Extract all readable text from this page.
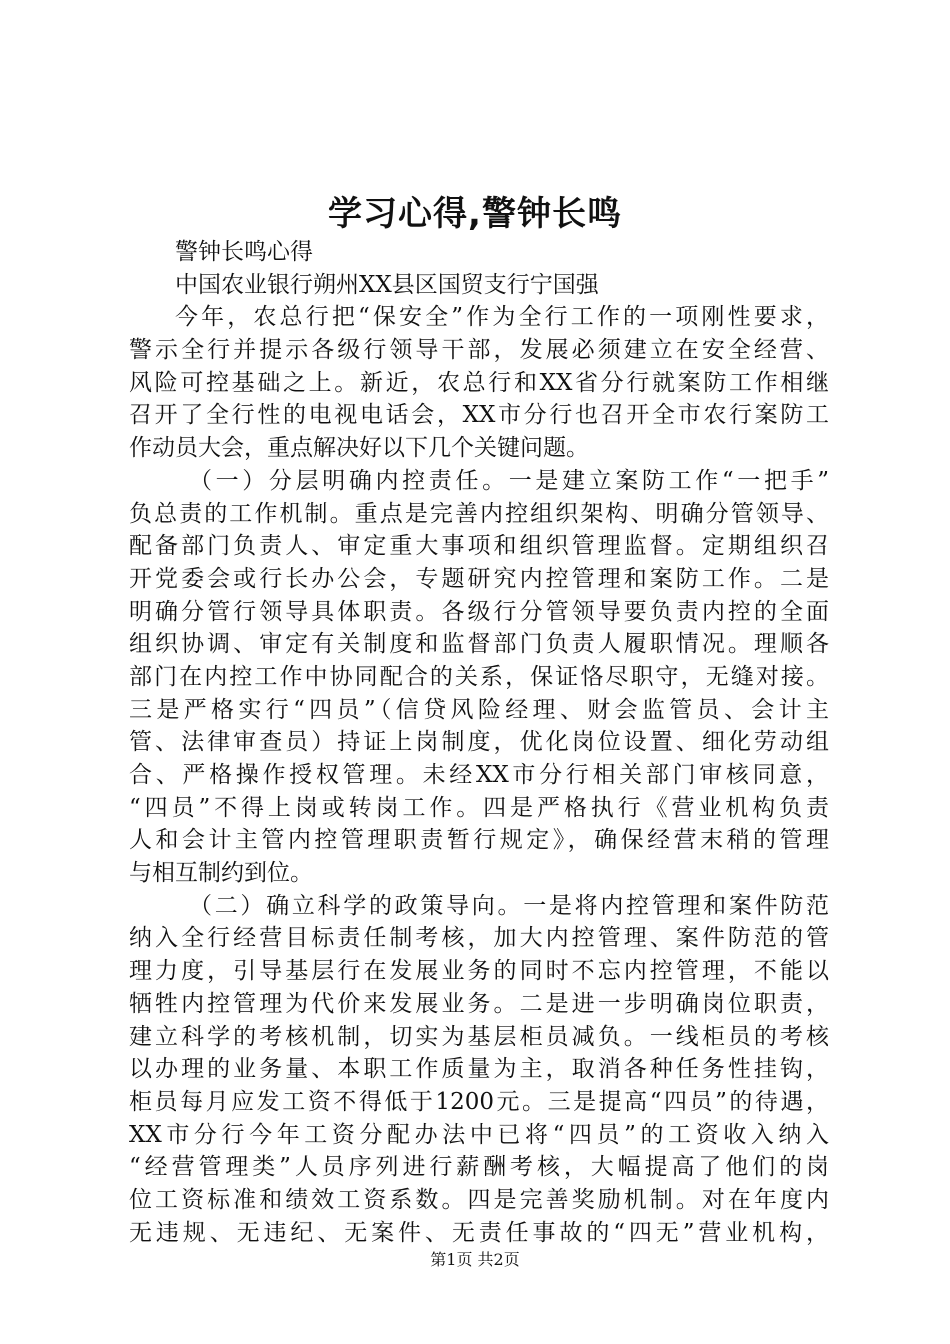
学习心得,警钟长鸣
警钟长鸣心得
中国农业银行朔州XX县区国贸支行宁国强
今年，农总行把“保安全”作为全行工作的一项刚性要求，
警示全行并提示各级行领导干部，发展必须建立在安全经营、
风险可控基础之上。新近，农总行和XX省分行就案防工作相继
召开了全行性的电视电话会，XX市分行也召开全市农行案防工
作动员大会，重点解决好以下几个关键问题。
（一）分层明确内控责任。一是建立案防工作“一把手”
负总责的工作机制。重点是完善内控组织架构、明确分管领导、
配备部门负责人、审定重大事项和组织管理监督。定期组织召
开党委会或行长办公会，专题研究内控管理和案防工作。二是
明确分管行领导具体职责。各级行分管领导要负责内控的全面
组织协调、审定有关制度和监督部门负责人履职情况。理顺各
部门在内控工作中协同配合的关系，保证恪尽职守，无缝对接。
三是严格实行“四员”（信贷风险经理、财会监管员、会计主
管、法律审查员）持证上岗制度，优化岗位设置、细化劳动组
合、严格操作授权管理。未经XX市分行相关部门审核同意，
“四员”不得上岗或转岗工作。四是严格执行《营业机构负责
人和会计主管内控管理职责暂行规定》，确保经营末稍的管理
与相互制约到位。
（二）确立科学的政策导向。一是将内控管理和案件防范
纳入全行经营目标责任制考核，加大内控管理、案件防范的管
理力度，引导基层行在发展业务的同时不忘内控管理，不能以
牺牲内控管理为代价来发展业务。二是进一步明确岗位职责，
建立科学的考核机制，切实为基层柜员减负。一线柜员的考核
以办理的业务量、本职工作质量为主，取消各种任务性挂钩，
柜员每月应发工资不得低于1200元。三是提高“四员”的待遇，
XX市分行今年工资分配办法中已将“四员”的工资收入纳入
“经营管理类”人员序列进行薪酬考核，大幅提高了他们的岗
位工资标准和绩效工资系数。四是完善奖励机制。对在年度内
无违规、无违纪、无案件、无责任事故的“四无”营业机构，
第1页 共2页
